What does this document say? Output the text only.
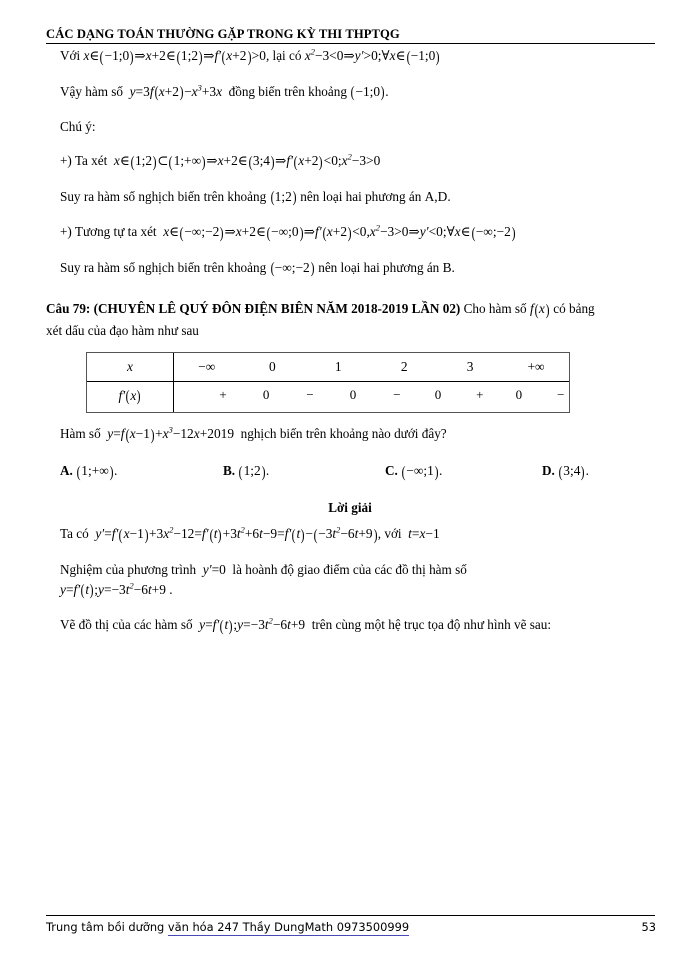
CÁC DẠNG TOÁN THƯỜNG GẶP TRONG KỲ THI THPTQG
Với x∈(−1;0)⇒x+2∈(1;2)⇒f′(x+2)>0, lại có $x^2-3<0\Rightarrow y'>0;\forall x\in(-1;0)$
Vậy hàm số  $y=3f(x+2)-x^3+3x$  đồng biến trên khoảng (−1;0).
Chú ý:
+) Ta xét  $x\in(1;2)\subset(1;+\infty)\Rightarrow x+2\in(3;4)\Rightarrow f'(x+2)<0;x^2-3>0$
Suy ra hàm số nghịch biến trên khoảng (1;2) nên loại hai phương án A,D.
+) Tương tự ta xét  $x\in(-\infty;-2)\Rightarrow x+2\in(-\infty;0)\Rightarrow f'(x+2)<0,x^2-3>0\Rightarrow y'<0;\forall x\in(-\infty;-2)$
Suy ra hàm số nghịch biến trên khoảng (−∞;−2) nên loại hai phương án B.
Câu 79: (CHUYÊN LÊ QUÝ ĐÔN ĐIỆN BIÊN NĂM 2018-2019 LẦN 02) Cho hàm số f(x) có bảng
xét dấu của đạo hàm như sau
x	−∞	0	1	2	3	+∞
f′(x)	+	0	−	0	−	0	+ 0	−
Hàm số  $y=f(x-1)+x^3-12x+2019$  nghịch biến trên khoảng nào dưới đây?
A. (1;+∞).	B. (1;2).	C. (−∞;1).	D. (3;4).
Lời giải
Ta có  $y'=f'(x-1)+3x^2-12=f'(t)+3t^2+6t-9=f'(t)-(-3t^2-6t+9)$, với  t=x−1
Nghiệm của phương trình  y′=0  là hoành độ giao điểm của các đồ thị hàm số
$y=f'(t);y=-3t^2-6t+9$ .
Vẽ đồ thị của các hàm số  $y=f'(t);y=-3t^2-6t+9$  trên cùng một hệ trục tọa độ như hình vẽ sau:
Trung tâm bồi dưỡng văn hóa 247 Thầy DungMath 0973500999	53
